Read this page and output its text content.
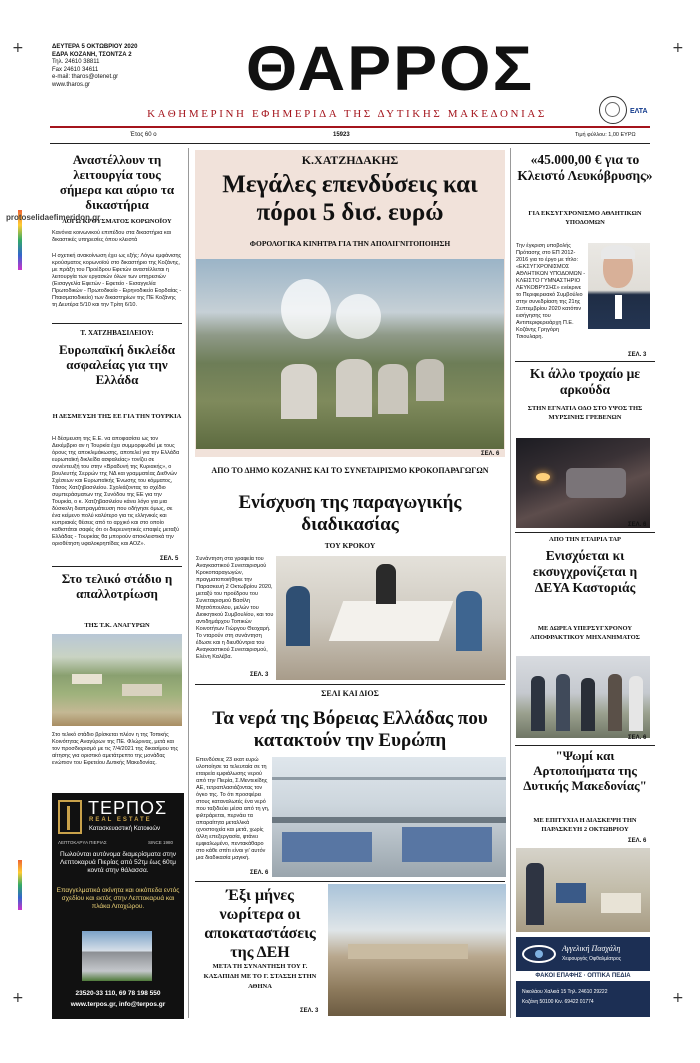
+	+
+	+
ΔΕΥΤΕΡΑ 5 ΟΚΤΩΒΡΙΟΥ 2020
ΕΔΡΑ ΚΟΖΑΝΗ, ΤΣΟΝΤΖΑ 2
Τηλ. 24610 38811
Fax 24610 34611
e-mail: tharos@otenet.gr
www.tharos.gr	ΘΑΡΡΟΣ
ΚΑΘΗΜΕΡΙΝΗ ΕΦΗΜΕΡΙΔΑ ΤΗΣ ΔΥΤΙΚΗΣ ΜΑΚΕΔΟΝΙΑΣ	ΕΛΤΑ
Έτος 60 ο	15923	Τιμή φύλλου: 1,00 ΕΥΡΩ
protoselidaefimeridon.gr
Αναστέλλουν τη λειτουργία τους σήμερα και αύριο τα δικαστήρια
ΛΟΓΩ ΚΡΟΥΣΜΑΤΟΣ ΚΟΡΩΝΟΪΟΥ
Κανόνια κοινωνικού επιπέδου στα δικαστήρια και δικαστικές υπηρεσίες όπου κλειστά
Η σχετική ανακοίνωση έχει ως εξής: Λόγω εμφάνισης κρούσματος κορωνοϊού στο δικαστήριο της Κοζάνης, με πράξη του Προέδρου Εφετών αναστέλλεται η λειτουργία των εργασιών όλων των υπηρεσιών (Εισαγγελία Εφετών - Εφετείο - Εισαγγελία Πρωτοδικών - Πρωτοδικείο - Ειρηνοδικείο Εορδαίας - Πταισματοδικείο) των δικαστηρίων της ΠΕ Κοζάνης τη Δευτέρα 5/10 και την Τρίτη 6/10.
Τ. ΧΑΤΖΗΒΑΣΙΛΕΙΟΥ:
Ευρωπαϊκή δικλείδα ασφαλείας για την Ελλάδα
Η ΔΕΣΜΕΥΣΗ ΤΗΣ ΕΕ ΓΙΑ ΤΗΝ ΤΟΥΡΚΙΑ
Η δέσμευση της Ε.Ε. να αποφασίσει ως τον Δεκέμβριο αν η Τουρκία έχει συμμορφωθεί με τους όρους της αποκλιμάκωσης, αποτελεί για την Ελλάδα ευρωπαϊκή δικλείδα ασφαλείας» τονίζει σε συνέντευξή του στην «Βραδυνή της Κυριακής», ο βουλευτής Σερρών της ΝΔ και γραμματέας Διεθνών Σχέσεων και Ευρωπαϊκής Ένωσης του κόμματος, Τάσος Χατζηβασιλείου. Σχολιάζοντας το σχέδιο συμπεράσματων της Συνόδου της ΕΕ για την Τουρκία, ο κ. Χατζηβασιλείου κάνει λόγο για μια δύσκολη διαπραγμάτευση που οδήγησε όμως, σε ένα κείμενο πολύ καλύτερο για τις ελληνικές και κυπριακές θέσεις από το αρχικό και στο οποίο καθιστάται σαφές ότι οι διερευνητικές επαφές μεταξύ Ελλάδας - Τουρκίας θα μπορούν αποκλειστικά την οριοθέτηση υφαλοκρηπίδας και ΑΟΖ».
ΣΕΛ. 5
Στο τελικό στάδιο η απαλλοτρίωση
ΤΗΣ Τ.Κ. ΑΝΑΓΥΡΩΝ
Στο τελικό στάδιο βρίσκεται πλέον η της Τοπικής Κοινότητας Αναγύρων της ΠΕ. Φλώρινας, μετά και τον προσδιορισμό με τις 7/4/2021 της δικασίμου της αίτησης για οριστικό αμετάτρεπτο της μονάδας ενώπιον του Εφετείου Δυτικής Μακεδονίας.
ΤΕΡΠΟΣ
REAL ESTATE
Κατασκευαστική Κατοικιών
ΛΕΠΤΟΚΑΡΥΑ ΠΙΕΡΙΑΣ	SINCE 1980
Πωλούνται αυτόνομα διαμερίσματα στην Λεπτοκαρυά Πιερίας από 52τμ έως 60τμ κοντά στην θάλασσα.
Επαγγελματικά ακίνητα και οικόπεδα εντός σχεδίου και εκτός στην Λεπτοκαρυά και πλάκα Λιτοχώρου.
23520-33 110, 69 78 198 550
www.terpos.gr, info@terpos.gr
Κ.ΧΑΤΖΗΔΑΚΗΣ
Μεγάλες επενδύσεις και πόροι 5 δισ. ευρώ
ΦΟΡΟΛΟΓΙΚΑ ΚΙΝΗΤΡΑ ΓΙΑ ΤΗΝ ΑΠΟΛΙΓΝΙΤΟΠΟΙΗΣΗ
ΣΕΛ. 6
ΑΠΟ ΤΟ ΔΗΜΟ ΚΟΖΑΝΗΣ ΚΑΙ ΤΟ ΣΥΝΕΤΑΙΡΙΣΜΟ ΚΡΟΚΟΠΑΡΑΓΩΓΩΝ
Ενίσχυση της παραγωγικής διαδικασίας
ΤΟΥ ΚΡΟΚΟΥ
Συνάντηση στα γραφεία του Αναγκαστικού Συνεταιρισμού Κροκοπαραγωγών, πραγματοποιήθηκε την Παρασκευή 2 Οκτωβρίου 2020, μεταξύ του προέδρου του Συνεταιρισμού Βασίλη Μητσόπουλου, μελών του Διοικητικού Συμβουλίου, και του αντιδημάρχου Τοπικών Κοινοτήτων Γιώργου Θεοχαρή. Το νταρούν στη συνάντηση έδωσε και η διευθύντρια του Αναγκαστικού Συνεταιρισμού, Ελένη Καλέβα.
ΣΕΛ. 3
ΣΕΛΙ ΚΑΙ ΔΙΟΣ
Τα νερά της Βόρειας Ελλάδας που κατακτούν την Ευρώπη
Επενδύσεις 23 εκατ ευρώ υλοποίησε τα τελευταία σε τη εταιρεία εμφιάλωσης νερού από την Πιερία, Σ.Μεντεκίδης ΑΕ, τετραπλασιάζοντας τον όγκο της. Το ότι προσφέρει στους καταναλωτές ένα νερό που ταξιδεύει μέσα από τη γη, φιλτράρεται, περνάει τα απαραίτητα μεταλλικά ιχνοστοιχεία και μετά, χωρίς άλλη επεξεργασία, φτάνει εμφιαλωμένο, πεντακάθαρο στο κάθε σπίτι είναι γι' αυτόν μια διαδικασία μαγική.
ΣΕΛ. 6
Έξι μήνες νωρίτερα οι αποκαταστάσεις της ΔΕΗ
ΜΕΤΑ ΤΗ ΣΥΝΑΝΤΗΣΗ ΤΟΥ Γ. ΚΑΣΑΠΙΔΗ ΜΕ ΤΟ Γ. ΣΤΑΣΣΗ ΣΤΗΝ ΑΘΗΝΑ
ΣΕΛ. 3
«45.000,00 € για το Κλειστό Λευκόβρυσης»
ΓΙΑ ΕΚΣΥΓΧΡΟΝΙΣΜΟ ΑΘΛΗΤΙΚΩΝ ΥΠΟΔΟΜΩΝ
Την έγκριση υποβολής Πρότασης στο ΕΠ 2012-2016 για το έργο με τίτλο: «ΕΚΣΥΓΧΡΟΝΙΣΜΟΣ ΑΘΛΗΤΙΚΩΝ ΥΠΟΔΟΜΩΝ - ΚΛΕΙΣΤΟ ΓΥΜΝΑΣΤΗΡΙΟ ΛΕΥΚΟΒΡΥΣΗΣ» ενέκρινε το Περιφερειακό Συμβούλιο στην συνεδρίαση της 21ης Σεπτεμβρίου 2020 κατόπιν εισήγησης του Αντιπεριφερειάρχη Π.Ε. Κοζάνης Γρηγόρη Τσιουλαρη.
ΣΕΛ. 3
Κι άλλο τροχαίο με αρκούδα
ΣΤΗΝ ΕΓΝΑΤΙΑ ΟΔΟ ΣΤΟ ΥΨΟΣ ΤΗΣ ΜΥΡΣΙΝΗΣ ΓΡΕΒΕΝΩΝ
ΣΕΛ. 6
ΑΠΟ ΤΗΝ ΕΤΑΙΡΙΑ ΤΑΡ
Ενισχύεται κι εκσυγχρονίζεται η ΔΕΥΑ Καστοριάς
ΜΕ ΔΩΡΕΑ ΥΠΕΡΣΥΓΧΡΟΝΟΥ ΑΠΟΦΡΑΚΤΙΚΟΥ ΜΗΧΑΝΗΜΑΤΟΣ
ΣΕΛ. 6
"Ψωμί και Αρτοποιήματα της Δυτικής Μακεδονίας"
ΜΕ ΕΠΙΤΥΧΙΑ Η ΔΙΑΣΚΕΨΗ ΤΗΝ ΠΑΡΑΣΚΕΥΗ 2 ΟΚΤΩΒΡΙΟΥ
ΣΕΛ. 6
Αγγελική Πασχάλη
Χειρουργός Οφθαλμίατρος
ΦΑΚΟΙ ΕΠΑΦΗΣ · ΟΠΤΙΚΑ ΠΕΔΙΑ
Νικολάου Χαλκιά 15 Τηλ. 24610 29222
Κοζάνη 50100 Κιν. 69422 01774
